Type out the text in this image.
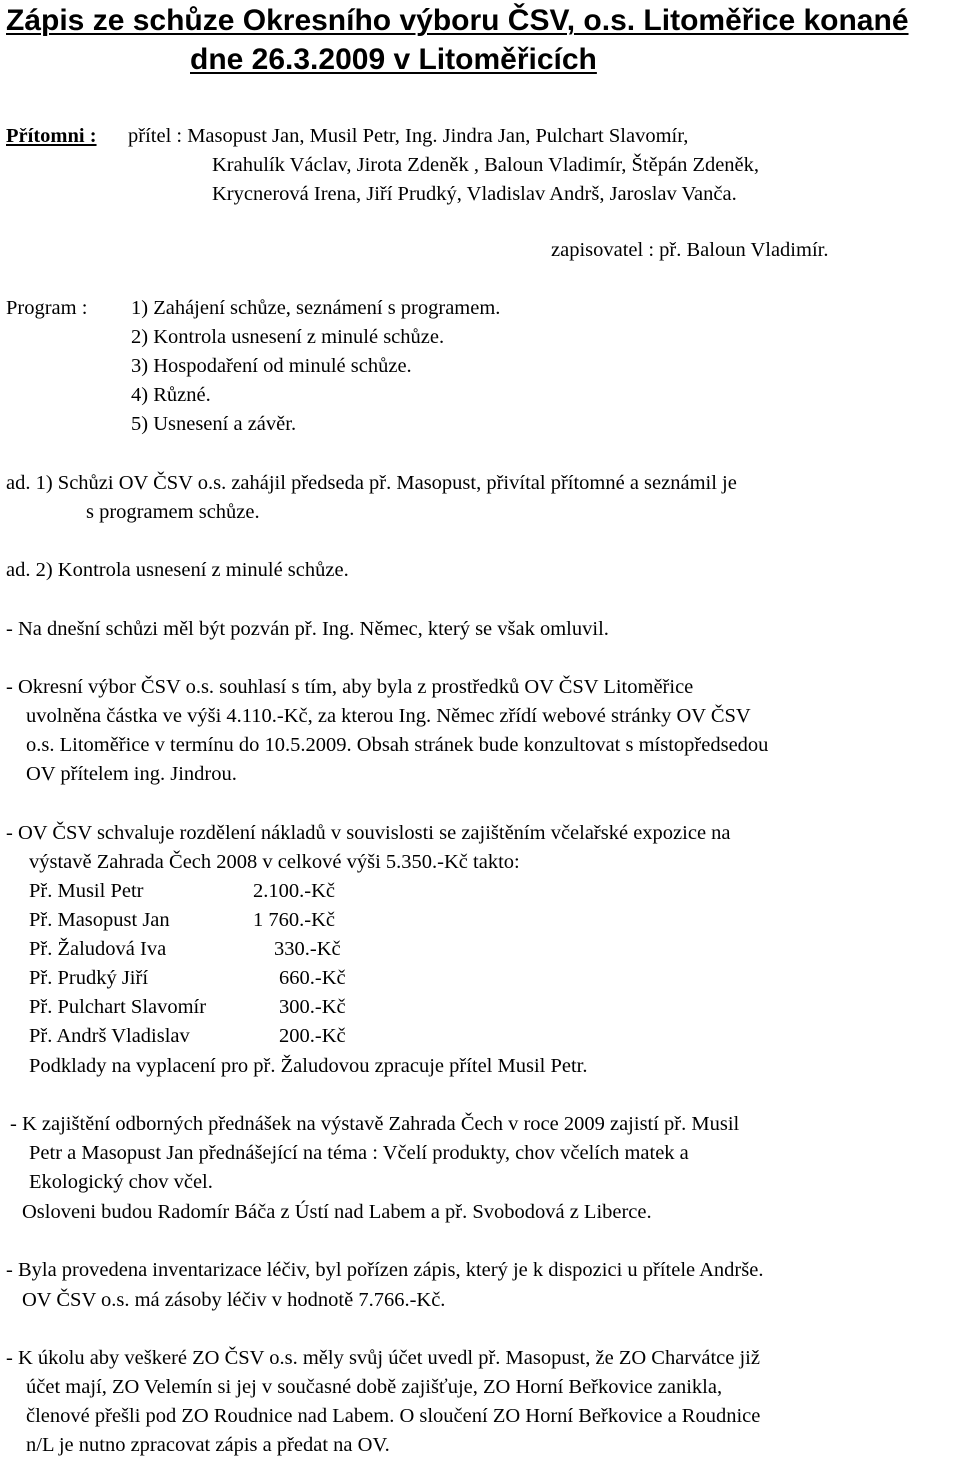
Zápis ze schůze Okresního výboru ČSV, o.s. Litoměřice konané
dne 26.3.2009 v Litoměřicích
Přítomni : přítel : Masopust Jan, Musil Petr, Ing. Jindra Jan, Pulchart Slavomír,
Krahulík Václav, Jirota Zdeněk , Baloun Vladimír, Štěpán Zdeněk,
Krycnerová Irena, Jiří Prudký, Vladislav Andrš, Jaroslav Vanča.
zapisovatel : př. Baloun Vladimír.
Program : 1) Zahájení schůze, seznámení s programem.
2) Kontrola usnesení z minulé schůze.
3) Hospodaření od minulé schůze.
4) Různé.
5) Usnesení a závěr.
ad. 1) Schůzi OV ČSV o.s. zahájil předseda př. Masopust, přivítal přítomné a seznámil je
s programem schůze.
ad. 2) Kontrola usnesení z minulé schůze.
- Na dnešní schůzi měl být pozván př. Ing. Němec, který se však omluvil.
- Okresní výbor ČSV o.s. souhlasí s tím, aby byla z prostředků OV ČSV Litoměřice
uvolněna částka ve výši 4.110.-Kč, za kterou Ing. Němec zřídí webové stránky OV ČSV
o.s. Litoměřice v termínu do 10.5.2009. Obsah stránek bude konzultovat s místopředsedou
OV přítelem ing. Jindrou.
- OV ČSV schvaluje rozdělení nákladů v souvislosti se zajištěním včelařské expozice na
výstavě Zahrada Čech 2008 v celkové výši 5.350.-Kč takto:
Př. Musil Petr	2.100.-Kč
Př. Masopust Jan	1 760.-Kč
Př. Žaludová Iva	330.-Kč
Př. Prudký Jiří	660.-Kč
Př. Pulchart Slavomír	300.-Kč
Př. Andrš Vladislav	200.-Kč
Podklady na vyplacení pro př. Žaludovou zpracuje přítel Musil Petr.
- K zajištění odborných přednášek na výstavě Zahrada Čech v roce 2009 zajistí př. Musil
Petr a Masopust Jan přednášející na téma : Včelí produkty, chov včelích matek a
Ekologický chov včel.
Osloveni budou Radomír Báča z Ústí nad Labem a př. Svobodová z Liberce.
- Byla provedena inventarizace léčiv, byl pořízen zápis, který je k dispozici u přítele Andrše.
OV ČSV o.s. má zásoby léčiv v hodnotě 7.766.-Kč.
- K úkolu aby veškeré ZO ČSV o.s. měly svůj účet uvedl př. Masopust, že ZO Charvátce již
účet mají, ZO Velemín si jej v současné době zajišťuje, ZO Horní Beřkovice zanikla,
členové přešli pod ZO Roudnice nad Labem. O sloučení ZO Horní Beřkovice a Roudnice
n/L je nutno zpracovat zápis a předat na OV.
